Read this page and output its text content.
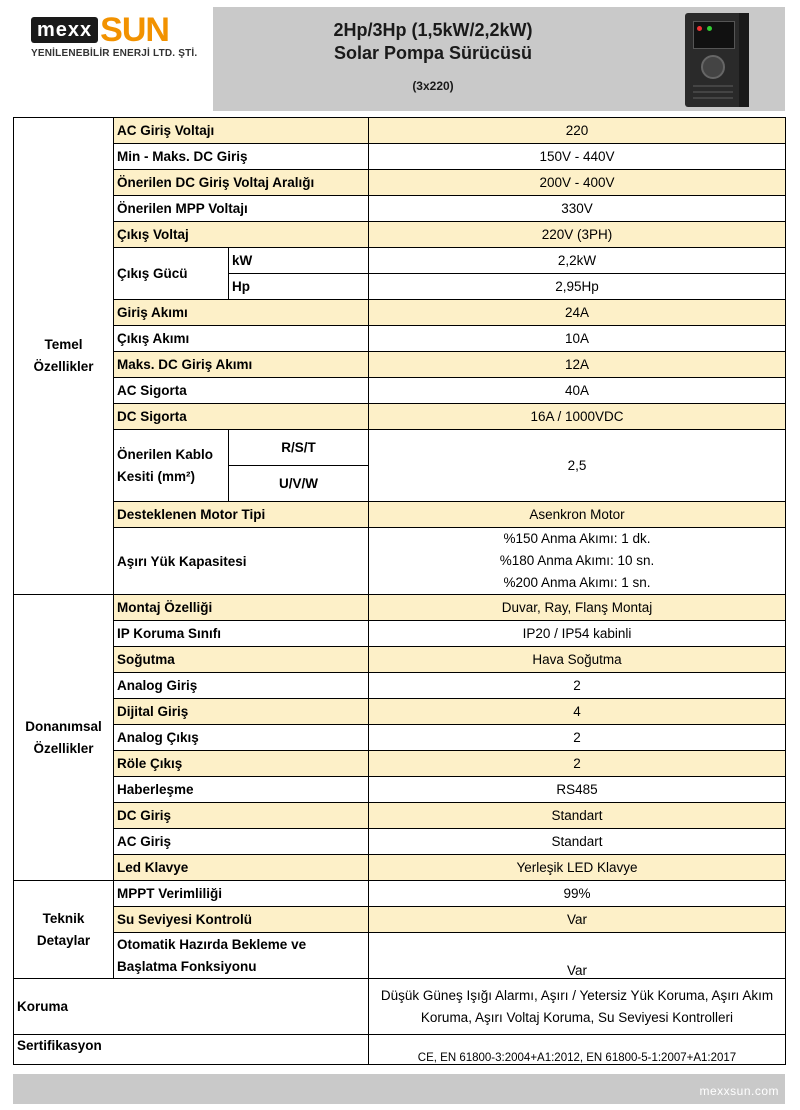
mexx SUN
YENİLENEBİLİR ENERJİ LTD. ŞTİ.
2Hp/3Hp (1,5kW/2,2kW)
Solar Pompa Sürücüsü
(3x220)
Temel Özellikler	AC Giriş Voltajı		220
	Min - Maks. DC Giriş		150V - 440V
	Önerilen DC Giriş Voltaj Aralığı		200V - 400V
	Önerilen MPP Voltajı		330V
	Çıkış Voltaj		220V (3PH)
	Çıkış Gücü	kW	2,2kW
		Hp	2,95Hp
	Giriş Akımı		24A
	Çıkış Akımı		10A
	Maks. DC Giriş Akımı		12A
	AC Sigorta		40A
	DC Sigorta		16A / 1000VDC
	Önerilen Kablo Kesiti (mm²)	R/S/T	2,5
		U/V/W	
	Desteklenen Motor Tipi		Asenkron Motor
	Aşırı Yük Kapasitesi		%150 Anma Akımı: 1 dk.
%180 Anma Akımı: 10 sn.
%200 Anma Akımı: 1 sn.

Donanımsal Özellikler	Montaj Özelliği		Duvar, Ray, Flanş Montaj
	IP Koruma Sınıfı		IP20 / IP54 kabinli
	Soğutma		Hava Soğutma
	Analog Giriş		2
	Dijital Giriş		4
	Analog Çıkış		2
	Röle Çıkış		2
	Haberleşme		RS485
	DC Giriş		Standart
	AC Giriş		Standart
	Led Klavye		Yerleşik LED Klavye
Teknik Detaylar	MPPT Verimliliği		99%
	Su Seviyesi Kontrolü		Var
	Otomatik Hazırda Bekleme ve Başlatma Fonksiyonu		Var
Koruma			Düşük Güneş Işığı Alarmı, Aşırı / Yetersiz Yük Koruma, Aşırı Akım Koruma, Aşırı Voltaj Koruma, Su Seviyesi Kontrolleri
Sertifikasyon			CE, EN 61800-3:2004+A1:2012, EN 61800-5-1:2007+A1:2017
mexxsun.com
